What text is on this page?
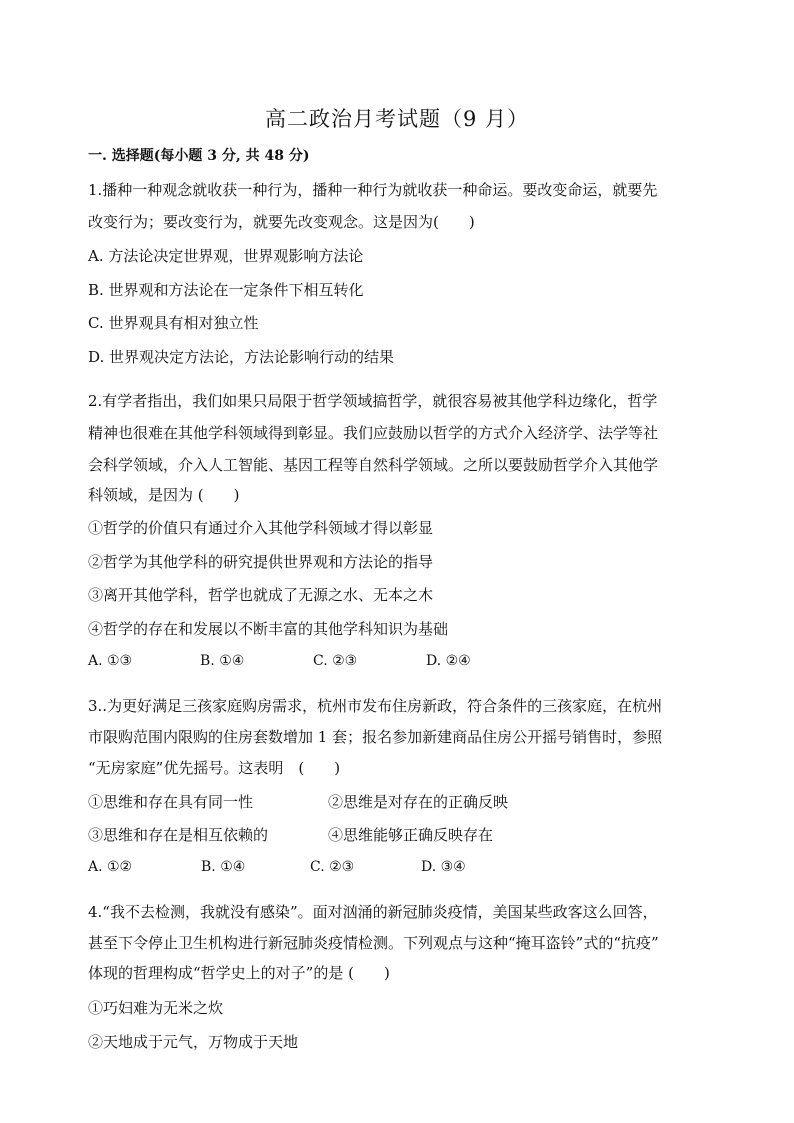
高二政治月考试题（9 月）
一. 选择题(每小题 3 分, 共 48 分)
1.播种一种观念就收获一种行为，播种一种行为就收获一种命运。要改变命运，就要先
改变行为；要改变行为，就要先改变观念。这是因为(　　)
A. 方法论决定世界观，世界观影响方法论
B. 世界观和方法论在一定条件下相互转化
C. 世界观具有相对独立性
D. 世界观决定方法论，方法论影响行动的结果
2.有学者指出，我们如果只局限于哲学领域搞哲学，就很容易被其他学科边缘化，哲学
精神也很难在其他学科领域得到彰显。我们应鼓励以哲学的方式介入经济学、法学等社
会科学领域，介入人工智能、基因工程等自然科学领域。之所以要鼓励哲学介入其他学
科领域，是因为 (　　)
①哲学的价值只有通过介入其他学科领域才得以彰显
②哲学为其他学科的研究提供世界观和方法论的指导
③离开其他学科，哲学也就成了无源之水、无本之木
④哲学的存在和发展以不断丰富的其他学科知识为基础
A. ①③	B. ①④	C. ②③	D. ②④
3..为更好满足三孩家庭购房需求，杭州市发布住房新政，符合条件的三孩家庭，在杭州
市限购范围内限购的住房套数增加 1 套；报名参加新建商品住房公开摇号销售时，参照
“无房家庭”优先摇号。这表明　(　　)
①思维和存在具有同一性	②思维是对存在的正确反映
③思维和存在是相互依赖的	④思维能够正确反映存在
A. ①②	B. ①④	C. ②③	D. ③④
4.“我不去检测，我就没有感染”。面对汹涌的新冠肺炎疫情，美国某些政客这么回答，
甚至下令停止卫生机构进行新冠肺炎疫情检测。下列观点与这种“掩耳盗铃”式的“抗疫”
体现的哲理构成“哲学史上的对子”的是 (　　)
①巧妇难为无米之炊
②天地成于元气，万物成于天地
